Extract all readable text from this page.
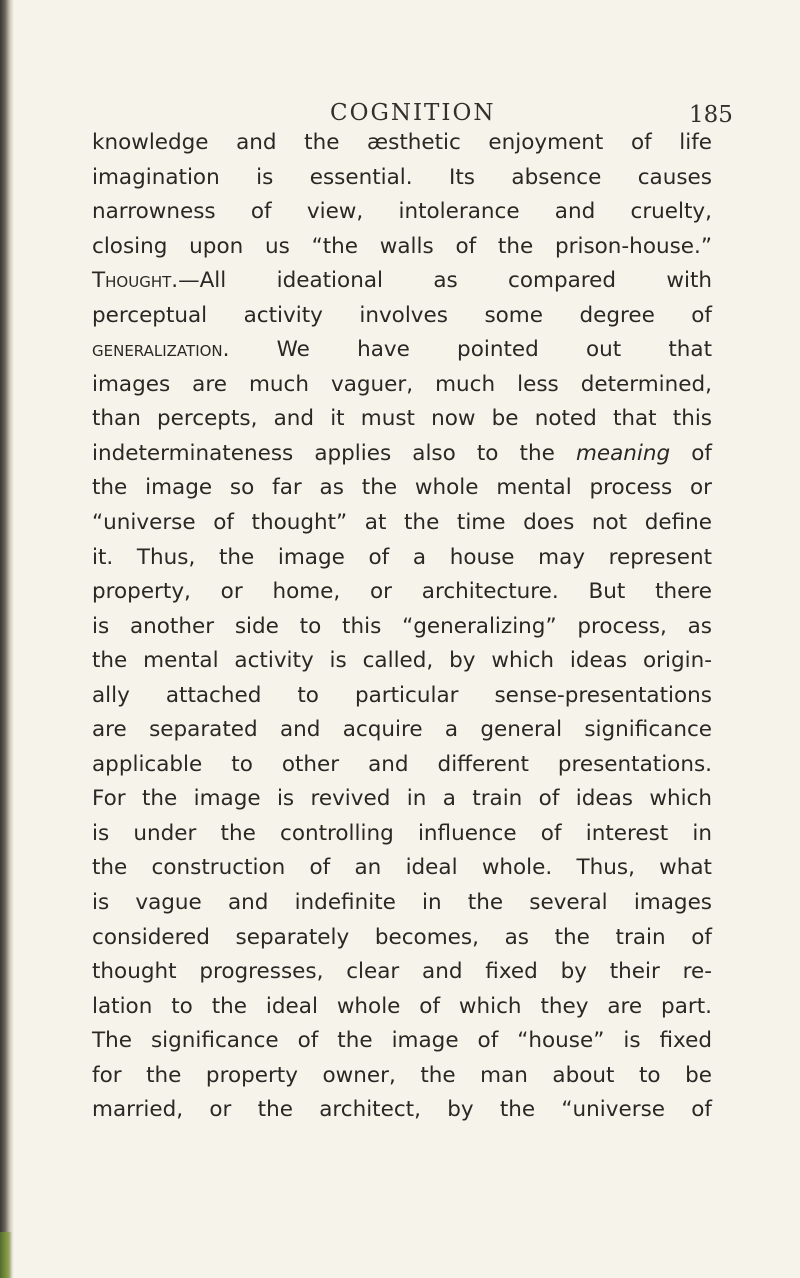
COGNITION	185
knowledge and the æsthetic enjoyment of life
imagination is essential. Its absence causes
narrowness of view, intolerance and cruelty,
closing upon us “the walls of the prison-house.”
Thought.—All ideational as compared with
perceptual activity involves some degree of
generalization. We have pointed out that
images are much vaguer, much less determined,
than percepts, and it must now be noted that this
indeterminateness applies also to the meaning of
the image so far as the whole mental process or
“universe of thought” at the time does not define
it. Thus, the image of a house may represent
property, or home, or architecture. But there
is another side to this “generalizing” process, as
the mental activity is called, by which ideas origin-
ally attached to particular sense-presentations
are separated and acquire a general significance
applicable to other and different presentations.
For the image is revived in a train of ideas which
is under the controlling influence of interest in
the construction of an ideal whole. Thus, what
is vague and indefinite in the several images
considered separately becomes, as the train of
thought progresses, clear and fixed by their re-
lation to the ideal whole of which they are part.
The significance of the image of “house” is fixed
for the property owner, the man about to be
married, or the architect, by the “universe of
